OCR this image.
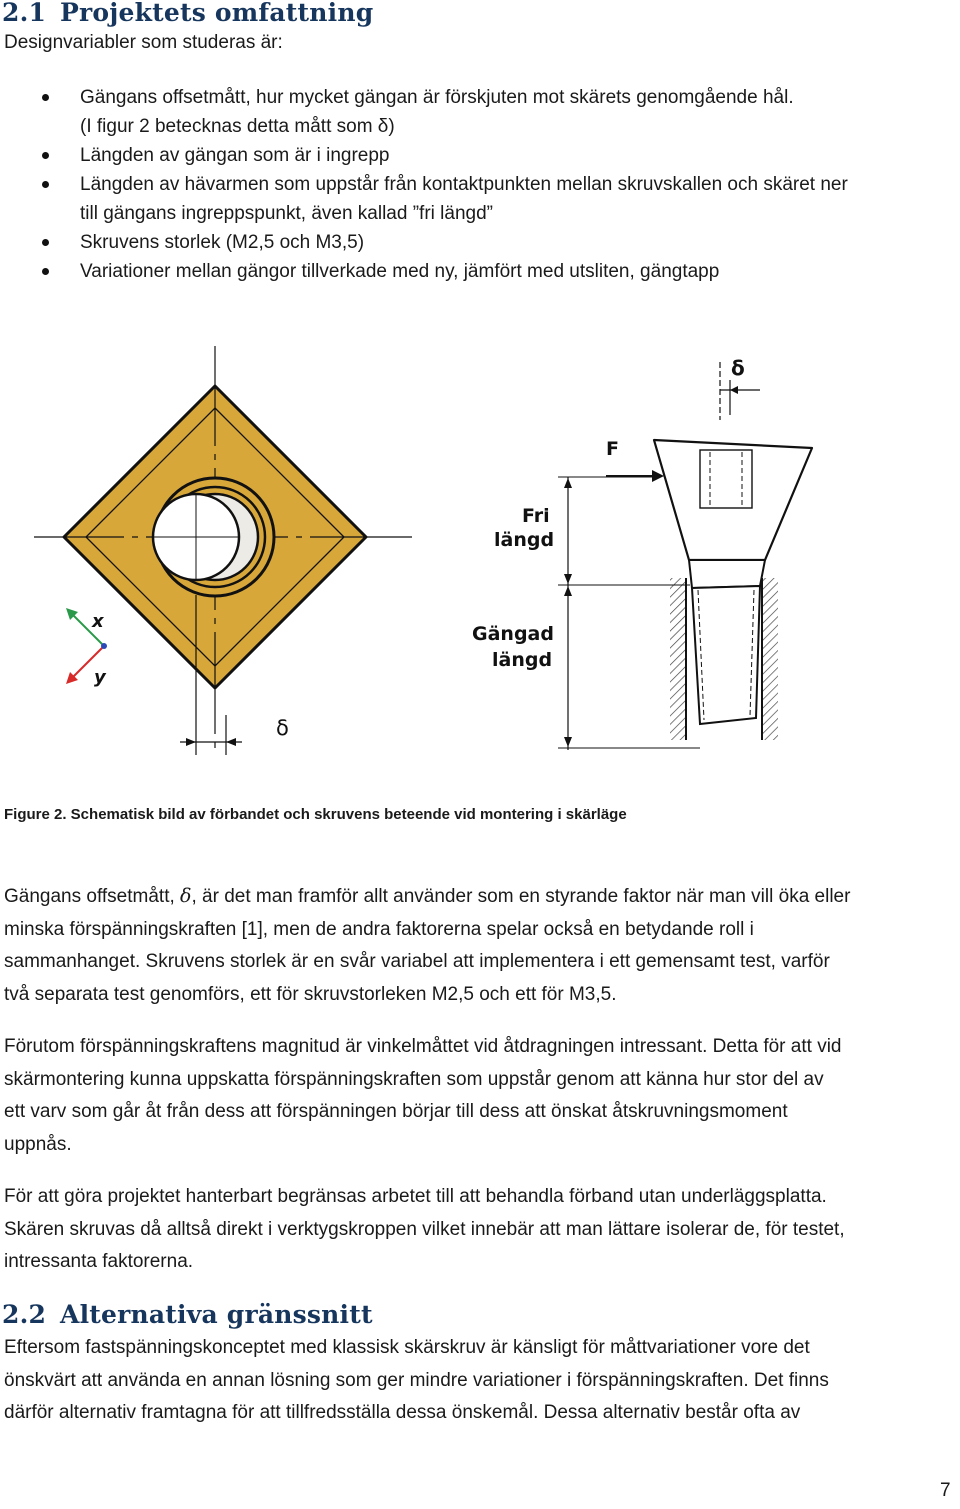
2.1 Projektets omfattning
Designvariabler som studeras är:
Gängans offsetmått, hur mycket gängan är förskjuten mot skärets genomgående hål.
(I figur 2 betecknas detta mått som δ)
Längden av gängan som är i ingrepp
Längden av hävarmen som uppstår från kontaktpunkten mellan skruvskallen och skäret ner
till gängans ingreppspunkt, även kallad ”fri längd”
Skruvens storlek (M2,5 och M3,5)
Variationer mellan gängor tillverkade med ny, jämfört med utsliten, gängtapp
δ
x
y
δ
F
Fri
längd
Gängad
längd
Figure 2. Schematisk bild av förbandet och skruvens beteende vid montering i skärläge

Gängans offsetmått, δ, är det man framför allt använder som en styrande faktor när man vill öka eller

minska förspänningskraften [1], men de andra faktorerna spelar också en betydande roll i

sammanhanget. Skruvens storlek är en svår variabel att implementera i ett gemensamt test, varför

två separata test genomförs, ett för skruvstorleken M2,5 och ett för M3,5.

Förutom förspänningskraftens magnitud är vinkelmåttet vid åtdragningen intressant. Detta för att vid

skärmontering kunna uppskatta förspänningskraften som uppstår genom att känna hur stor del av

ett varv som går åt från dess att förspänningen börjar till dess att önskat åtskruvningsmoment

uppnås.

För att göra projektet hanterbart begränsas arbetet till att behandla förband utan underläggsplatta.

Skären skruvas då alltså direkt i verktygskroppen vilket innebär att man lättare isolerar de, för testet,

intressanta faktorerna.

2.2 Alternativa gränssnitt

Eftersom fastspänningskonceptet med klassisk skärskruv är känsligt för måttvariationer vore det

önskvärt att använda en annan lösning som ger mindre variationer i förspänningskraften. Det finns

därför alternativ framtagna för att tillfredsställa dessa önskemål. Dessa alternativ består ofta av

7
